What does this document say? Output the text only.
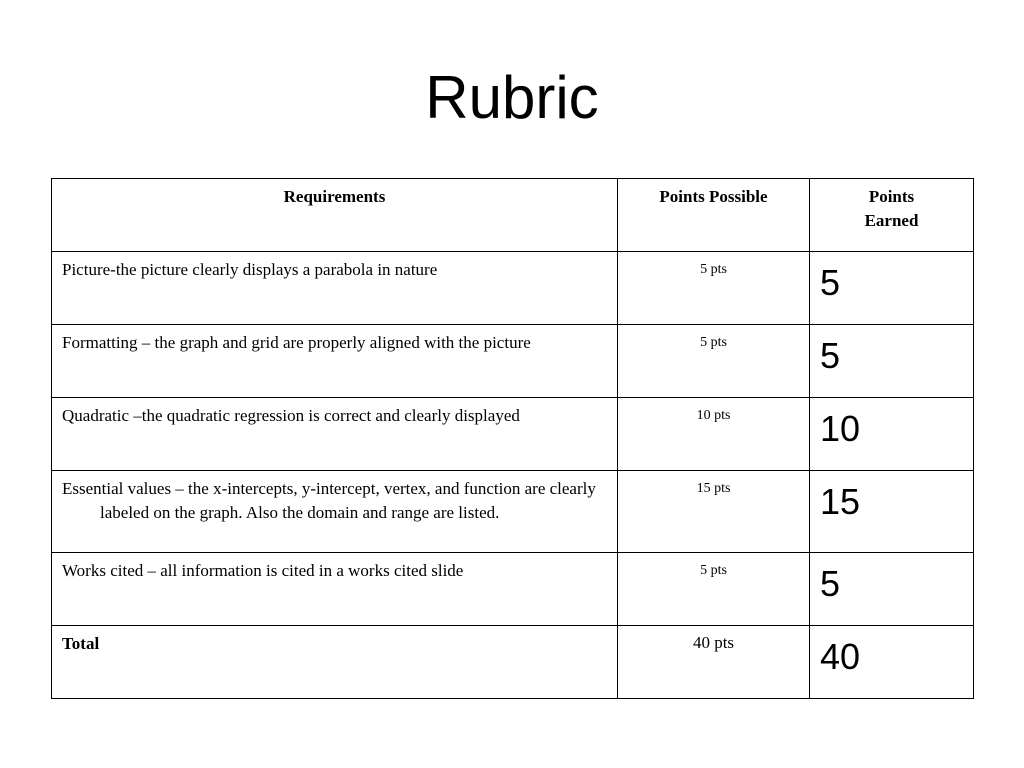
Rubric
Requirements	Points Possible	Points
Earned

Picture-the picture clearly displays a parabola in nature	5 pts	5

Formatting – the graph and grid are properly aligned with the picture	5 pts	5

Quadratic –the quadratic regression is correct and clearly displayed	10 pts	10

Essential values – the x-intercepts, y-intercept, vertex, and function are clearly labeled on the graph. Also the domain and range are listed.	15 pts	15

Works cited – all information is cited in a works cited slide	5 pts	5

Total	40 pts	40
